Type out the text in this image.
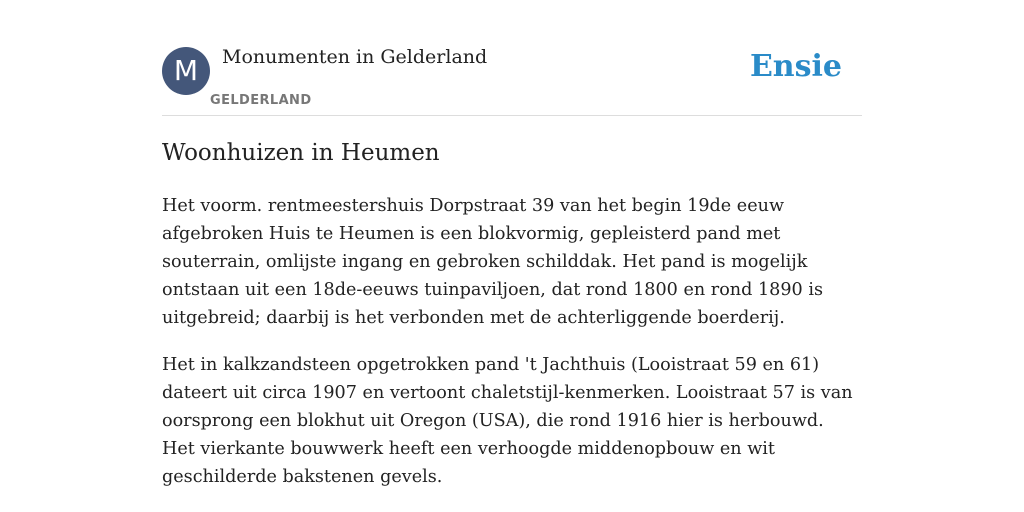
M	Monumenten in Gelderland
GELDERLAND
Ensie
Woonhuizen in Heumen

Het voorm. rentmeestershuis Dorpstraat 39 van het begin 19de eeuw afgebroken Huis te Heumen is een blokvormig, gepleisterd pand met souterrain, omlijste ingang en gebroken schilddak. Het pand is mogelijk ontstaan uit een 18de-eeuws tuinpaviljoen, dat rond 1800 en rond 1890 is uitgebreid; daarbij is het verbonden met de achterliggende boerderij.

Het in kalkzandsteen opgetrokken pand 't Jachthuis (Looistraat 59 en 61) dateert uit circa 1907 en vertoont chaletstijl-kenmerken. Looistraat 57 is van oorsprong een blokhut uit Oregon (USA), die rond 1916 hier is herbouwd. Het vierkante bouwwerk heeft een verhoogde middenopbouw en wit geschilderde bakstenen gevels.
